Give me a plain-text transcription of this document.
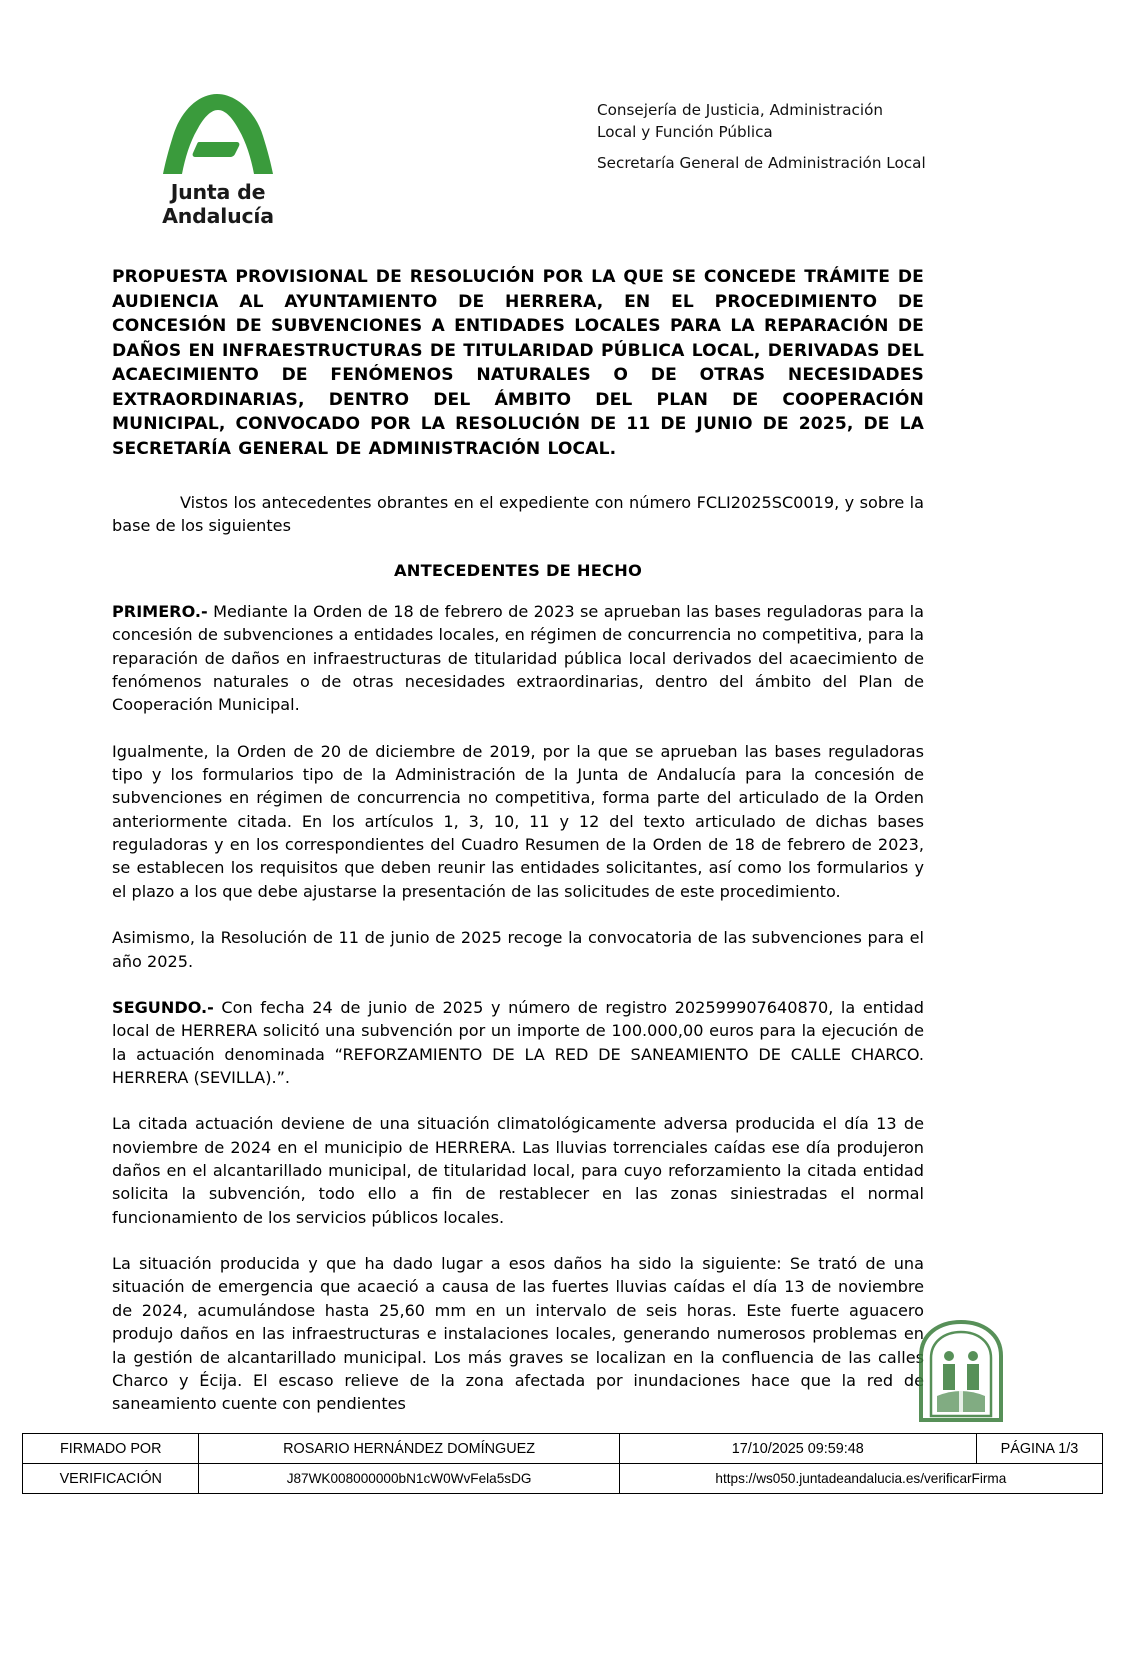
Junta de Andalucía

Consejería de Justicia, Administración Local y Función Pública

Secretaría General de Administración Local

PROPUESTA PROVISIONAL DE RESOLUCIÓN POR LA QUE SE CONCEDE TRÁMITE DE AUDIENCIA AL AYUNTAMIENTO DE HERRERA, EN EL PROCEDIMIENTO DE CONCESIÓN DE SUBVENCIONES A ENTIDADES LOCALES PARA LA REPARACIÓN DE DAÑOS EN INFRAESTRUCTURAS DE TITULARIDAD PÚBLICA LOCAL, DERIVADAS DEL ACAECIMIENTO DE FENÓMENOS NATURALES O DE OTRAS NECESIDADES EXTRAORDINARIAS, DENTRO DEL ÁMBITO DEL PLAN DE COOPERACIÓN MUNICIPAL, CONVOCADO POR LA RESOLUCIÓN DE 11 DE JUNIO DE 2025, DE LA SECRETARÍA GENERAL DE ADMINISTRACIÓN LOCAL.

Vistos los antecedentes obrantes en el expediente con número FCLI2025SC0019, y sobre la base de los siguientes

ANTECEDENTES DE HECHO

PRIMERO.- Mediante la Orden de 18 de febrero de 2023 se aprueban las bases reguladoras para la concesión de subvenciones a entidades locales, en régimen de concurrencia no competitiva, para la reparación de daños en infraestructuras de titularidad pública local derivados del acaecimiento de fenómenos naturales o de otras necesidades extraordinarias, dentro del ámbito del Plan de Cooperación Municipal.

Igualmente, la Orden de 20 de diciembre de 2019, por la que se aprueban las bases reguladoras tipo y los formularios tipo de la Administración de la Junta de Andalucía para la concesión de subvenciones en régimen de concurrencia no competitiva, forma parte del articulado de la Orden anteriormente citada. En los artículos 1, 3, 10, 11 y 12 del texto articulado de dichas bases reguladoras y en los correspondientes del Cuadro Resumen de la Orden de 18 de febrero de 2023, se establecen los requisitos que deben reunir las entidades solicitantes, así como los formularios y el plazo a los que debe ajustarse la presentación de las solicitudes de este procedimiento.

Asimismo, la Resolución de 11 de junio de 2025 recoge la convocatoria de las subvenciones para el año 2025.

SEGUNDO.- Con fecha 24 de junio de 2025 y número de registro 202599907640870, la entidad local de HERRERA solicitó una subvención por un importe de 100.000,00 euros para la ejecución de la actuación denominada “REFORZAMIENTO DE LA RED DE SANEAMIENTO DE CALLE CHARCO. HERRERA (SEVILLA).”.

La citada actuación deviene de una situación climatológicamente adversa producida el día 13 de noviembre de 2024 en el municipio de HERRERA. Las lluvias torrenciales caídas ese día produjeron daños en el alcantarillado municipal, de titularidad local, para cuyo reforzamiento la citada entidad solicita la subvención, todo ello a fin de restablecer en las zonas siniestradas el normal funcionamiento de los servicios públicos locales.

La situación producida y que ha dado lugar a esos daños ha sido la siguiente: Se trató de una situación de emergencia que acaeció a causa de las fuertes lluvias caídas el día 13 de noviembre de 2024, acumulándose hasta 25,60 mm en un intervalo de seis horas. Este fuerte aguacero produjo daños en las infraestructuras e instalaciones locales, generando numerosos problemas en la gestión de alcantarillado municipal. Los más graves se localizan en la confluencia de las calles Charco y Écija. El escaso relieve de la zona afectada por inundaciones hace que la red de saneamiento cuente con pendientes

FIRMADO POR	ROSARIO HERNÁNDEZ DOMÍNGUEZ	17/10/2025 09:59:48	PÁGINA 1/3
VERIFICACIÓN	J87WK008000000bN1cW0WvFela5sDG	https://ws050.juntadeandalucia.es/verificarFirma	
